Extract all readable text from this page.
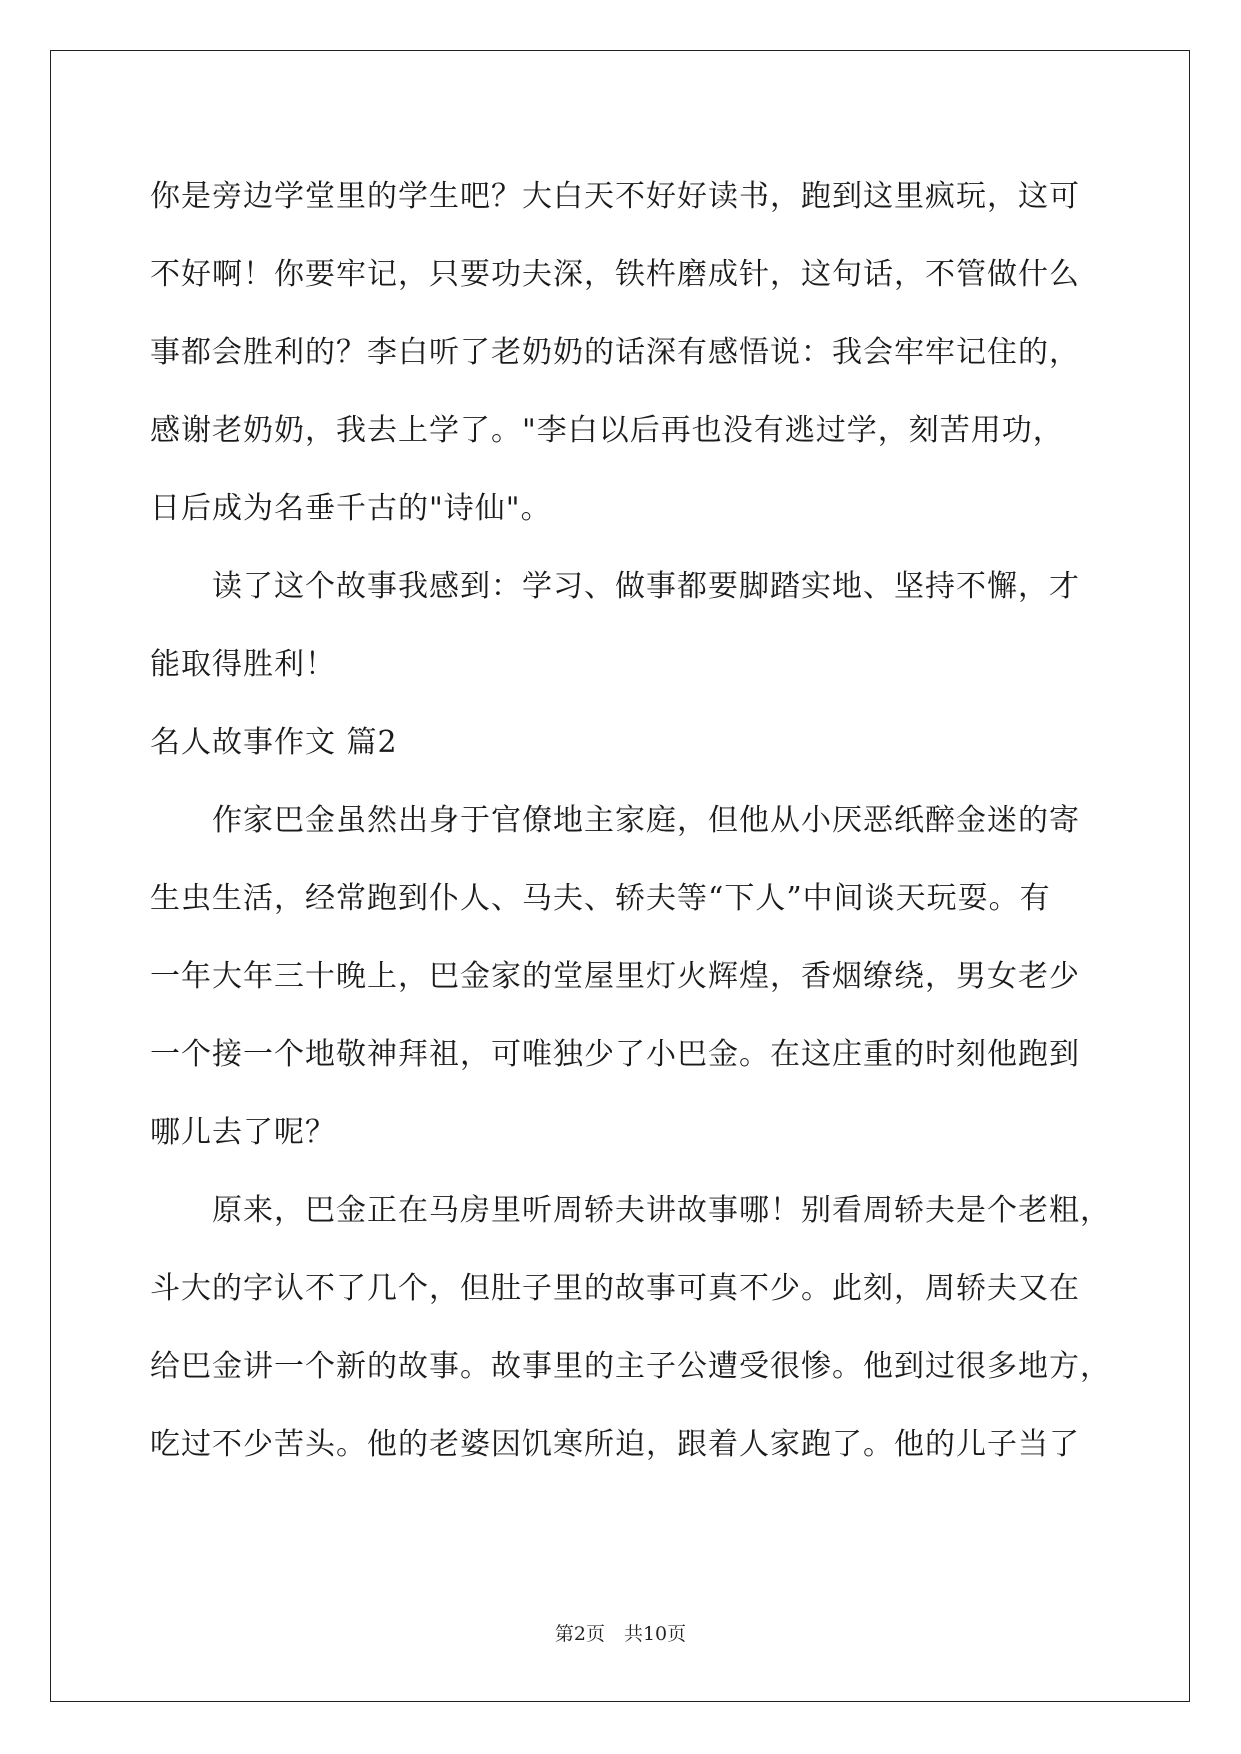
你是旁边学堂里的学生吧？大白天不好好读书，跑到这里疯玩，这可
不好啊！你要牢记，只要功夫深，铁杵磨成针，这句话，不管做什么
事都会胜利的？李白听了老奶奶的话深有感悟说：我会牢牢记住的，
感谢老奶奶，我去上学了。"李白以后再也没有逃过学，刻苦用功，
日后成为名垂千古的"诗仙"。
读了这个故事我感到：学习、做事都要脚踏实地、坚持不懈，才
能取得胜利！
名人故事作文 篇2
作家巴金虽然出身于官僚地主家庭，但他从小厌恶纸醉金迷的寄
生虫生活，经常跑到仆人、马夫、轿夫等“下人”中间谈天玩耍。有
一年大年三十晚上，巴金家的堂屋里灯火辉煌，香烟缭绕，男女老少
一个接一个地敬神拜祖，可唯独少了小巴金。在这庄重的时刻他跑到
哪儿去了呢？
原来，巴金正在马房里听周轿夫讲故事哪！别看周轿夫是个老粗，
斗大的字认不了几个，但肚子里的故事可真不少。此刻，周轿夫又在
给巴金讲一个新的故事。故事里的主子公遭受很惨。他到过很多地方，
吃过不少苦头。他的老婆因饥寒所迫，跟着人家跑了。他的儿子当了
第2页　共10页
